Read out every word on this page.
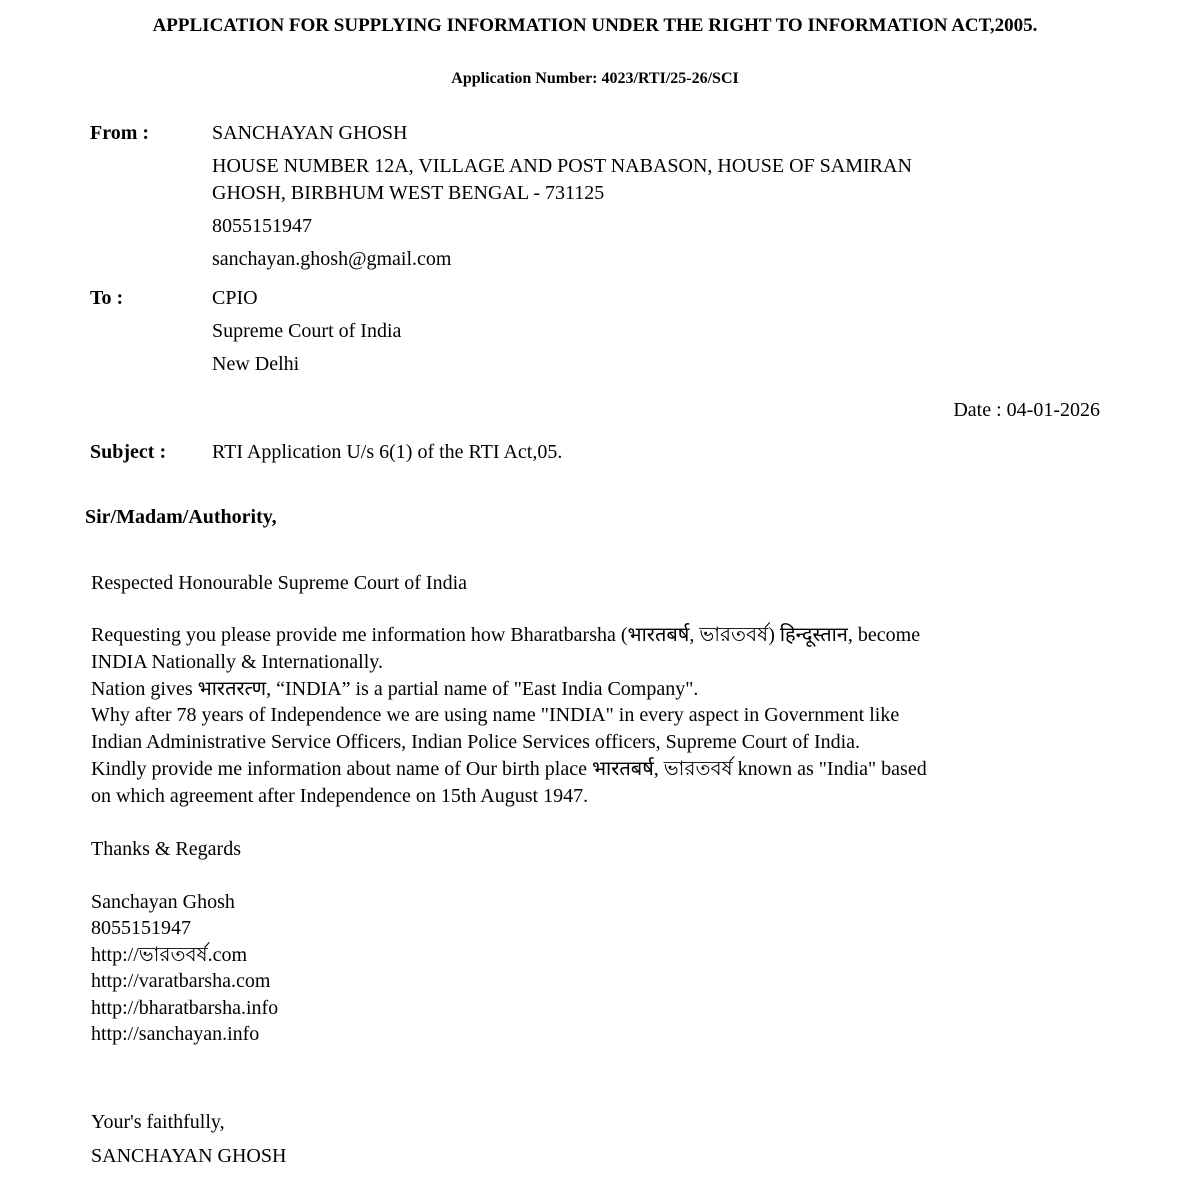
APPLICATION FOR SUPPLYING INFORMATION UNDER THE RIGHT TO INFORMATION ACT,2005.
Application Number: 4023/RTI/25-26/SCI
From :	SANCHAYAN GHOSH
HOUSE NUMBER 12A, VILLAGE AND POST NABASON, HOUSE OF SAMIRAN
GHOSH, BIRBHUM WEST BENGAL - 731125
8055151947
sanchayan.ghosh@gmail.com
To :	CPIO
Supreme Court of India
New Delhi
Date : 04-01-2026
Subject :	RTI Application U/s 6(1) of the RTI Act,05.
Sir/Madam/Authority,
Respected Honourable Supreme Court of India
Requesting you please provide me information how Bharatbarsha (भारतबर्ष, ভারতবর্ষ) हिन्दूस्तान, become
INDIA Nationally & Internationally.
Nation gives भारतरत्ण, “INDIA” is a partial name of "East India Company".
Why after 78 years of Independence we are using name "INDIA" in every aspect in Government like
Indian Administrative Service Officers, Indian Police Services officers, Supreme Court of India.
Kindly provide me information about name of Our birth place भारतबर्ष, ভারতবর্ষ known as "India" based
on which agreement after Independence on 15th August 1947.
Thanks & Regards
Sanchayan Ghosh
8055151947
http://ভারতবর্ষ.com
http://varatbarsha.com
http://bharatbarsha.info
http://sanchayan.info
Your's faithfully,
SANCHAYAN GHOSH
